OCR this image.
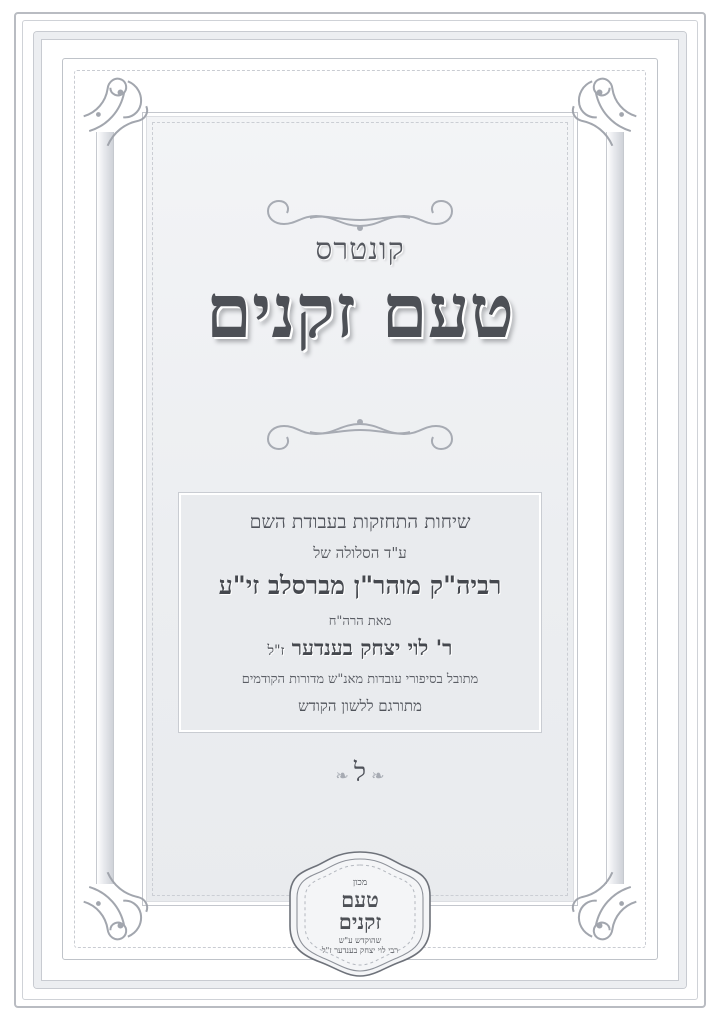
קונטרס
טעם זקנים
שיחות התחזקות בעבודת השם
ע"ד הסלולה של
רביה"ק מוהר"ן מברסלב זי"ע
מאת הרה"ח
ר' לוי יצחק בענדער ז"ל
מתובל בסיפורי עובדות מאנ"ש מדורות הקודמים
מתורגם ללשון הקודש
❧ ל ❧
מכון
טעם
זקנים
שהוקדש ע"ש
רבי לוי יצחק בענדער ז"ל
